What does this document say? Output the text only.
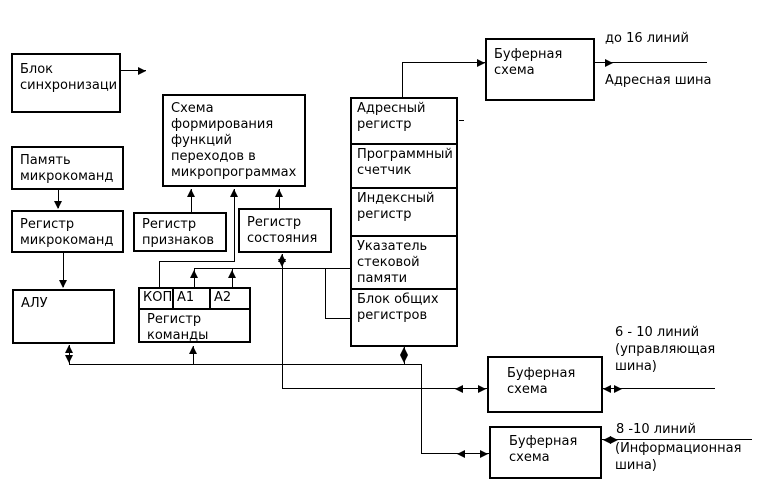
Блок синхронизаци
Память микрокоманд
Регистр микрокоманд
АЛУ
Схема формирования функций переходов в микропрограммах
Регистр признаков
Регистр состояния
КОП А1	А2
Регистр команды
Адресный регистр
Программный счетчик
Индексный регистр
Указатель стековой памяти
Блок общих регистров
Буферная схема
Буферная схема
Буферная схема
до 16 линий
Адресная шина
6 - 10 линий
(управляющая
шина)
8 -10 линий
(Информационная
шина)
